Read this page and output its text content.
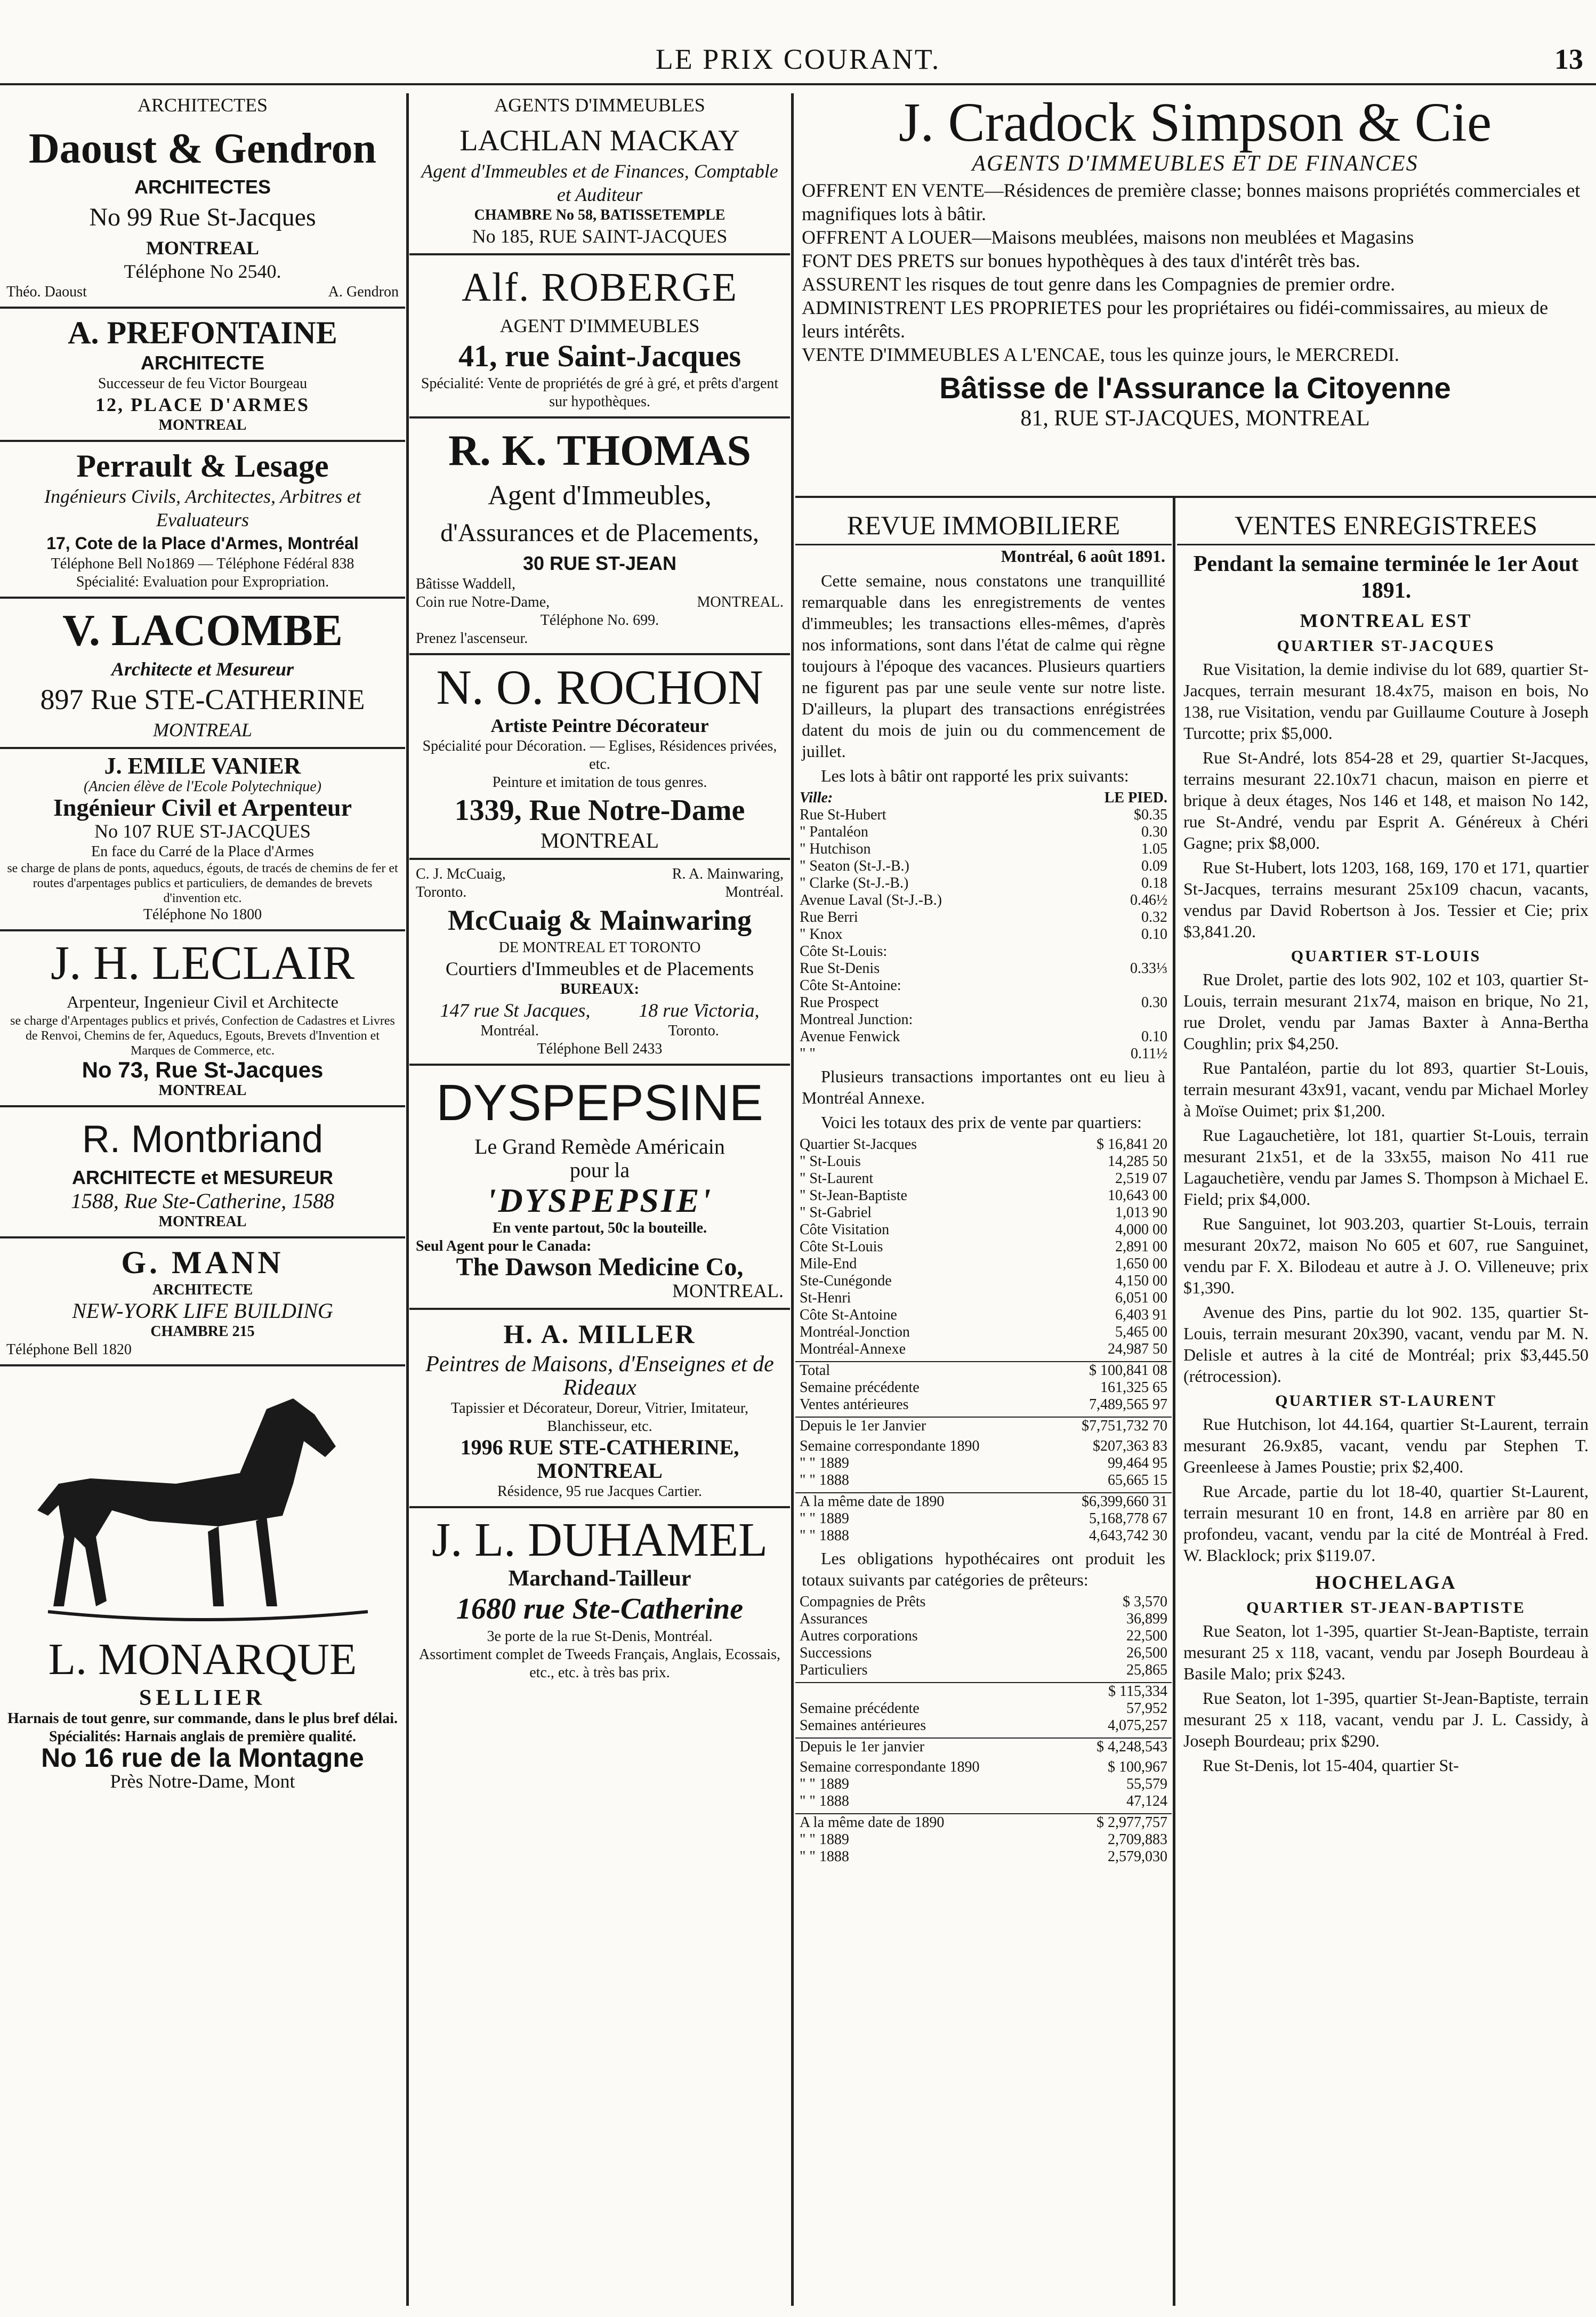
LE PRIX COURANT.	13
ARCHITECTES
Daoust & Gendron
ARCHITECTES
No 99 Rue St-Jacques
MONTREAL
Téléphone No 2540.
Théo. Daoust	A. Gendron
A. PREFONTAINE
ARCHITECTE
Successeur de feu Victor Bourgeau
12, PLACE D'ARMES
MONTREAL
Perrault & Lesage
Ingénieurs Civils, Architectes, Arbitres et Evaluateurs
17, Cote de la Place d'Armes, Montréal
Téléphone Bell No1869 — Téléphone Fédéral 838
Spécialité: Evaluation pour Expropriation.
V. LACOMBE
Architecte et Mesureur
897 Rue STE-CATHERINE
MONTREAL
J. EMILE VANIER
(Ancien élève de l'Ecole Polytechnique)
Ingénieur Civil et Arpenteur
No 107 RUE ST-JACQUES
En face du Carré de la Place d'Armes
se charge de plans de ponts, aqueducs, égouts, de tracés de chemins de fer et routes d'arpentages publics et particuliers, de demandes de brevets d'invention etc.
Téléphone No 1800
J. H. LECLAIR
Arpenteur, Ingenieur Civil et Architecte
se charge d'Arpentages publics et privés, Confection de Cadastres et Livres de Renvoi, Chemins de fer, Aqueducs, Egouts, Brevets d'Invention et Marques de Commerce, etc.
No 73, Rue St-Jacques
MONTREAL
R. Montbriand
ARCHITECTE et MESUREUR
1588, Rue Ste-Catherine, 1588
MONTREAL
G. MANN
ARCHITECTE
NEW-YORK LIFE BUILDING
CHAMBRE 215
Téléphone Bell 1820
L. MONARQUE
SELLIER
Harnais de tout genre, sur commande, dans le plus bref délai.
Spécialités: Harnais anglais de première qualité.
No 16 rue de la Montagne
Près Notre-Dame, Mont
AGENTS D'IMMEUBLES
LACHLAN MACKAY
Agent d'Immeubles et de Finances, Comptable et Auditeur
CHAMBRE No 58, BATISSETEMPLE
No 185, RUE SAINT-JACQUES
Alf. ROBERGE
AGENT D'IMMEUBLES
41, rue Saint-Jacques
Spécialité: Vente de propriétés de gré à gré, et prêts d'argent sur hypothèques.
R. K. THOMAS
Agent d'Immeubles,
d'Assurances et de Placements,
30 RUE ST-JEAN
Bâtisse Waddell,
Coin rue Notre-Dame,	MONTREAL.
Téléphone No. 699.
Prenez l'ascenseur.
N. O. ROCHON
Artiste Peintre Décorateur
Spécialité pour Décoration. — Eglises, Résidences privées, etc.
Peinture et imitation de tous genres.
1339, Rue Notre-Dame
MONTREAL
C. J. McCuaig,	R. A. Mainwaring,
Toronto.	Montréal.
McCuaig & Mainwaring
DE MONTREAL ET TORONTO
Courtiers d'Immeubles et de Placements
BUREAUX:
147 rue St Jacques,	18 rue Victoria,
Montréal.	Toronto.
Téléphone Bell 2433
DYSPEPSINE
Le Grand Remède Américain
pour la
'DYSPEPSIE'
En vente partout, 50c la bouteille.
Seul Agent pour le Canada:
The Dawson Medicine Co,
MONTREAL.
H. A. MILLER
Peintres de Maisons, d'Enseignes et de Rideaux
Tapissier et Décorateur, Doreur, Vitrier, Imitateur, Blanchisseur, etc.
1996 RUE STE-CATHERINE, MONTREAL
Résidence, 95 rue Jacques Cartier.
J. L. DUHAMEL
Marchand-Tailleur
1680 rue Ste-Catherine
3e porte de la rue St-Denis, Montréal.
Assortiment complet de Tweeds Français, Anglais, Ecossais, etc., etc. à très bas prix.
J. Cradock Simpson & Cie
AGENTS D'IMMEUBLES ET DE FINANCES
OFFRENT EN VENTE—Résidences de première classe; bonnes maisons propriétés commerciales et magnifiques lots à bâtir.
OFFRENT A LOUER—Maisons meublées, maisons non meublées et Magasins
FONT DES PRETS sur bonues hypothèques à des taux d'intérêt très bas.
ASSURENT les risques de tout genre dans les Compagnies de premier ordre.
ADMINISTRENT LES PROPRIETES pour les propriétaires ou fidéi-commissaires, au mieux de leurs intérêts.
VENTE D'IMMEUBLES A L'ENCAE, tous les quinze jours, le MERCREDI.
Bâtisse de l'Assurance la Citoyenne
81, RUE ST-JACQUES, MONTREAL
REVUE IMMOBILIERE
Montréal, 6 août 1891.
Cette semaine, nous constatons une tranquillité remarquable dans les enregistrements de ventes d'immeubles; les transactions elles-mêmes, d'après nos informations, sont dans l'état de calme qui règne toujours à l'époque des vacances. Plusieurs quartiers ne figurent pas par une seule vente sur notre liste. D'ailleurs, la plupart des transactions enrégistrées datent du mois de juin ou du commencement de juillet.
Les lots à bâtir ont rapporté les prix suivants:
Ville:	LE PIED.
Rue St-Hubert	$0.35
" Pantaléon	0.30
" Hutchison	1.05
" Seaton (St-J.-B.)	0.09
" Clarke (St-J.-B.)	0.18
Avenue Laval (St-J.-B.)	0.46½
Rue Berri	0.32
" Knox	0.10
Côte St-Louis:	
Rue St-Denis	0.33⅓
Côte St-Antoine:	
Rue Prospect	0.30
Montreal Junction:	
Avenue Fenwick	0.10
" "	0.11½
Plusieurs transactions importantes ont eu lieu à Montréal Annexe.
Voici les totaux des prix de vente par quartiers:
Quartier St-Jacques	$ 16,841 20
" St-Louis	14,285 50
" St-Laurent	2,519 07
" St-Jean-Baptiste	10,643 00
" St-Gabriel	1,013 90
Côte Visitation	4,000 00
Côte St-Louis	2,891 00
Mile-End	1,650 00
Ste-Cunégonde	4,150 00
St-Henri	6,051 00
Côte St-Antoine	6,403 91
Montréal-Jonction	5,465 00
Montréal-Annexe	24,987 50
Total	$ 100,841 08
Semaine précédente	161,325 65
Ventes antérieures	7,489,565 97
Depuis le 1er Janvier	$7,751,732 70
Semaine correspondante 1890	$207,363 83
" " 1889	99,464 95
" " 1888	65,665 15
A la même date de 1890	$6,399,660 31
" " 1889	5,168,778 67
" " 1888	4,643,742 30
Les obligations hypothécaires ont produit les totaux suivants par catégories de prêteurs:
Compagnies de Prêts	$ 3,570
Assurances	36,899
Autres corporations	22,500
Successions	26,500
Particuliers	25,865
	$ 115,334
Semaine précédente	57,952
Semaines antérieures	4,075,257
Depuis le 1er janvier	$ 4,248,543
Semaine correspondante 1890	$ 100,967
" " 1889	55,579
" " 1888	47,124
A la même date de 1890	$ 2,977,757
" " 1889	2,709,883
" " 1888	2,579,030
VENTES ENREGISTREES
Pendant la semaine terminée le 1er Aout 1891.
MONTREAL EST
QUARTIER ST-JACQUES

Rue Visitation, la demie indivise du lot 689, quartier St-Jacques, terrain mesurant 18.4x75, maison en bois, No 138, rue Visitation, vendu par Guillaume Couture à Joseph Turcotte; prix $5,000.

Rue St-André, lots 854-28 et 29, quartier St-Jacques, terrains mesurant 22.10x71 chacun, maison en pierre et brique à deux étages, Nos 146 et 148, et maison No 142, rue St-André, vendu par Esprit A. Généreux à Chéri Gagne; prix $8,000.

Rue St-Hubert, lots 1203, 168, 169, 170 et 171, quartier St-Jacques, terrains mesurant 25x109 chacun, vacants, vendus par David Robertson à Jos. Tessier et Cie; prix $3,841.20.

QUARTIER ST-LOUIS

Rue Drolet, partie des lots 902, 102 et 103, quartier St-Louis, terrain mesurant 21x74, maison en brique, No 21, rue Drolet, vendu par Jamas Baxter à Anna-Bertha Coughlin; prix $4,250.

Rue Pantaléon, partie du lot 893, quartier St-Louis, terrain mesurant 43x91, vacant, vendu par Michael Morley à Moïse Ouimet; prix $1,200.

Rue Lagauchetière, lot 181, quartier St-Louis, terrain mesurant 21x51, et de la 33x55, maison No 411 rue Lagauchetière, vendu par James S. Thompson à Michael E. Field; prix $4,000.

Rue Sanguinet, lot 903.203, quartier St-Louis, terrain mesurant 20x72, maison No 605 et 607, rue Sanguinet, vendu par F. X. Bilodeau et autre à J. O. Villeneuve; prix $1,390.

Avenue des Pins, partie du lot 902. 135, quartier St-Louis, terrain mesurant 20x390, vacant, vendu par M. N. Delisle et autres à la cité de Montréal; prix $3,445.50 (rétrocession).

QUARTIER ST-LAURENT

Rue Hutchison, lot 44.164, quartier St-Laurent, terrain mesurant 26.9x85, vacant, vendu par Stephen T. Greenleese à James Poustie; prix $2,400.

Rue Arcade, partie du lot 18-40, quartier St-Laurent, terrain mesurant 10 en front, 14.8 en arrière par 80 en profondeu, vacant, vendu par la cité de Montréal à Fred. W. Blacklock; prix $119.07.

HOCHELAGA
QUARTIER ST-JEAN-BAPTISTE

Rue Seaton, lot 1-395, quartier St-Jean-Baptiste, terrain mesurant 25 x 118, vacant, vendu par Joseph Bourdeau à Basile Malo; prix $243.

Rue Seaton, lot 1-395, quartier St-Jean-Baptiste, terrain mesurant 25 x 118, vacant, vendu par J. L. Cassidy, à Joseph Bourdeau; prix $290.

Rue St-Denis, lot 15-404, quartier St-
